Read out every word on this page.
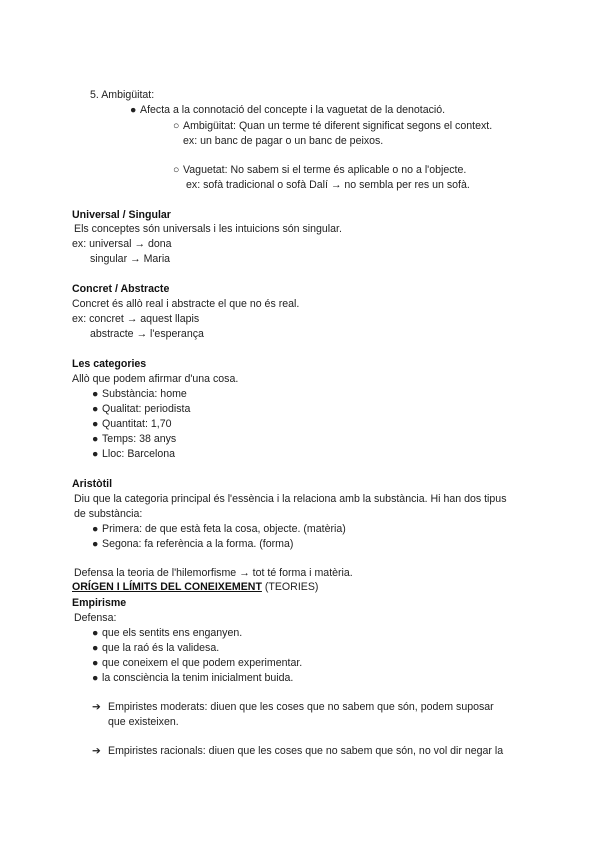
5. Ambigüitat:
● Afecta a la connotació del concepte i la vaguetat de la denotació.
○ Ambigüitat: Quan un terme té diferent significat segons el context.
ex: un banc de pagar o un banc de peixos.
○ Vaguetat: No sabem si el terme és aplicable o no a l'objecte.
ex: sofà tradicional o sofà Dalí → no sembla per res un sofà.
Universal / Singular
Els conceptes són universals i les intuicions són singular.
ex: universal → dona
singular → Maria
Concret / Abstracte
Concret és allò real i abstracte el que no és real.
ex: concret → aquest llapis
abstracte → l'esperança
Les categories
Allò que podem afirmar d'una cosa.
● Substància: home
● Qualitat: periodista
● Quantitat: 1,70
● Temps: 38 anys
● Lloc: Barcelona
Aristòtil
Diu que la categoria principal és l'essència i la relaciona amb la substància. Hi han dos tipus
de substància:
● Primera: de que està feta la cosa, objecte. (matèria)
● Segona: fa referència a la forma. (forma)
Defensa la teoria de l'hilemorfisme → tot té forma i matèria.
ORÍGEN I LÍMITS DEL CONEIXEMENT (TEORIES)
Empirisme
Defensa:
● que els sentits ens enganyen.
● que la raó és la validesa.
● que coneixem el que podem experimentar.
● la consciència la tenim inicialment buida.
➔ Empiristes moderats: diuen que les coses que no sabem que són, podem suposar
que existeixen.
➔ Empiristes racionals: diuen que les coses que no sabem que són, no vol dir negar la
